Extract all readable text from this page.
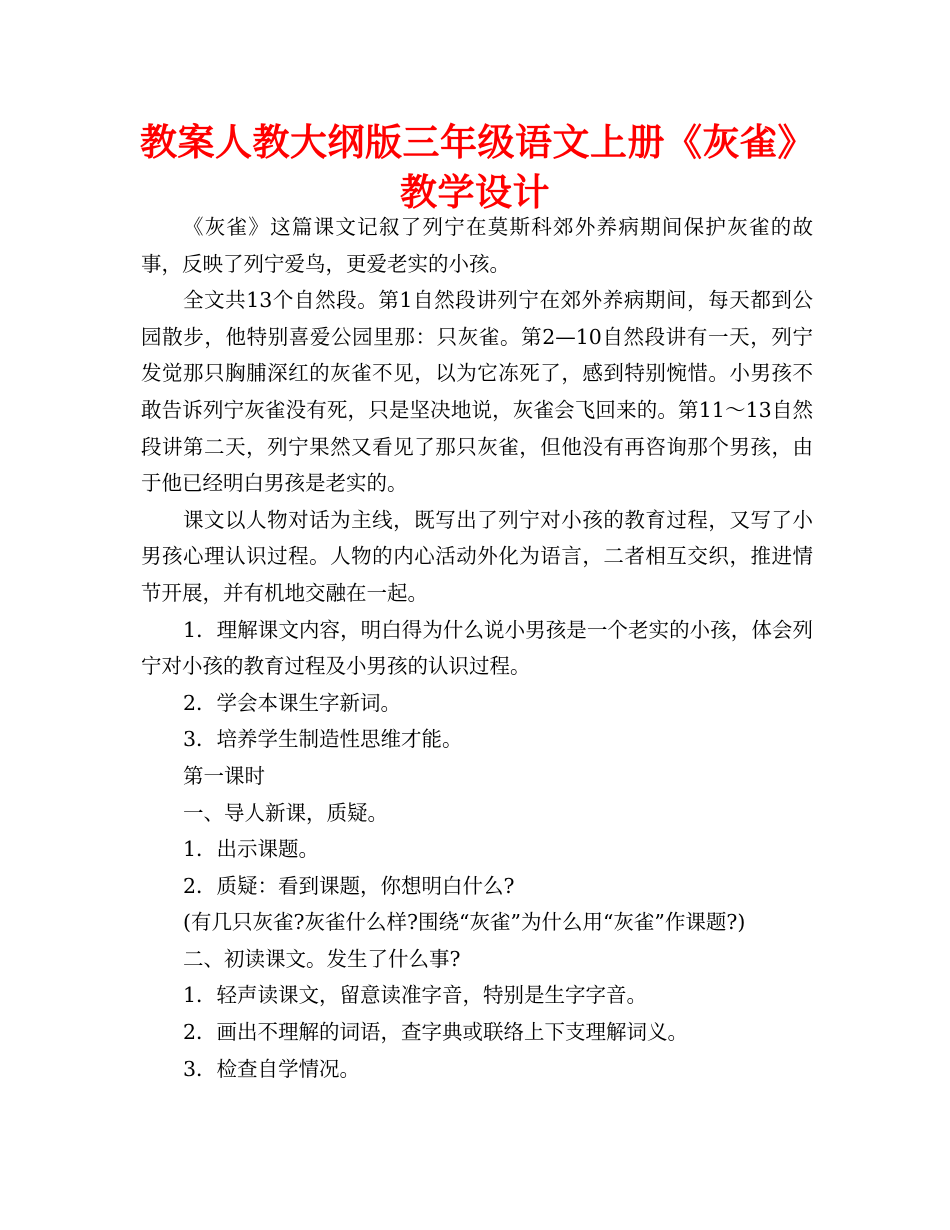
教案人教大纲版三年级语文上册《灰雀》
教学设计

《灰雀》这篇课文记叙了列宁在莫斯科郊外养病期间保护灰雀的故事，反映了列宁爱鸟，更爱老实的小孩。

全文共13个自然段。第1自然段讲列宁在郊外养病期间，每天都到公园散步，他特别喜爱公园里那：只灰雀。第2—10自然段讲有一天，列宁发觉那只胸脯深红的灰雀不见，以为它冻死了，感到特别惋惜。小男孩不敢告诉列宁灰雀没有死，只是坚决地说，灰雀会飞回来的。第11～13自然段讲第二天，列宁果然又看见了那只灰雀，但他没有再咨询那个男孩，由于他已经明白男孩是老实的。

课文以人物对话为主线，既写出了列宁对小孩的教育过程，又写了小男孩心理认识过程。人物的内心活动外化为语言，二者相互交织，推进情节开展，并有机地交融在一起。

1．理解课文内容，明白得为什么说小男孩是一个老实的小孩，体会列宁对小孩的教育过程及小男孩的认识过程。

2．学会本课生字新词。

3．培养学生制造性思维才能。

第一课时

一、导人新课，质疑。

1．出示课题。

2．质疑：看到课题，你想明白什么?

(有几只灰雀?灰雀什么样?围绕“灰雀”为什么用“灰雀”作课题?)

二、初读课文。发生了什么事?

1．轻声读课文，留意读准字音，特别是生字字音。

2．画出不理解的词语，查字典或联络上下支理解词义。

3．检查自学情况。
